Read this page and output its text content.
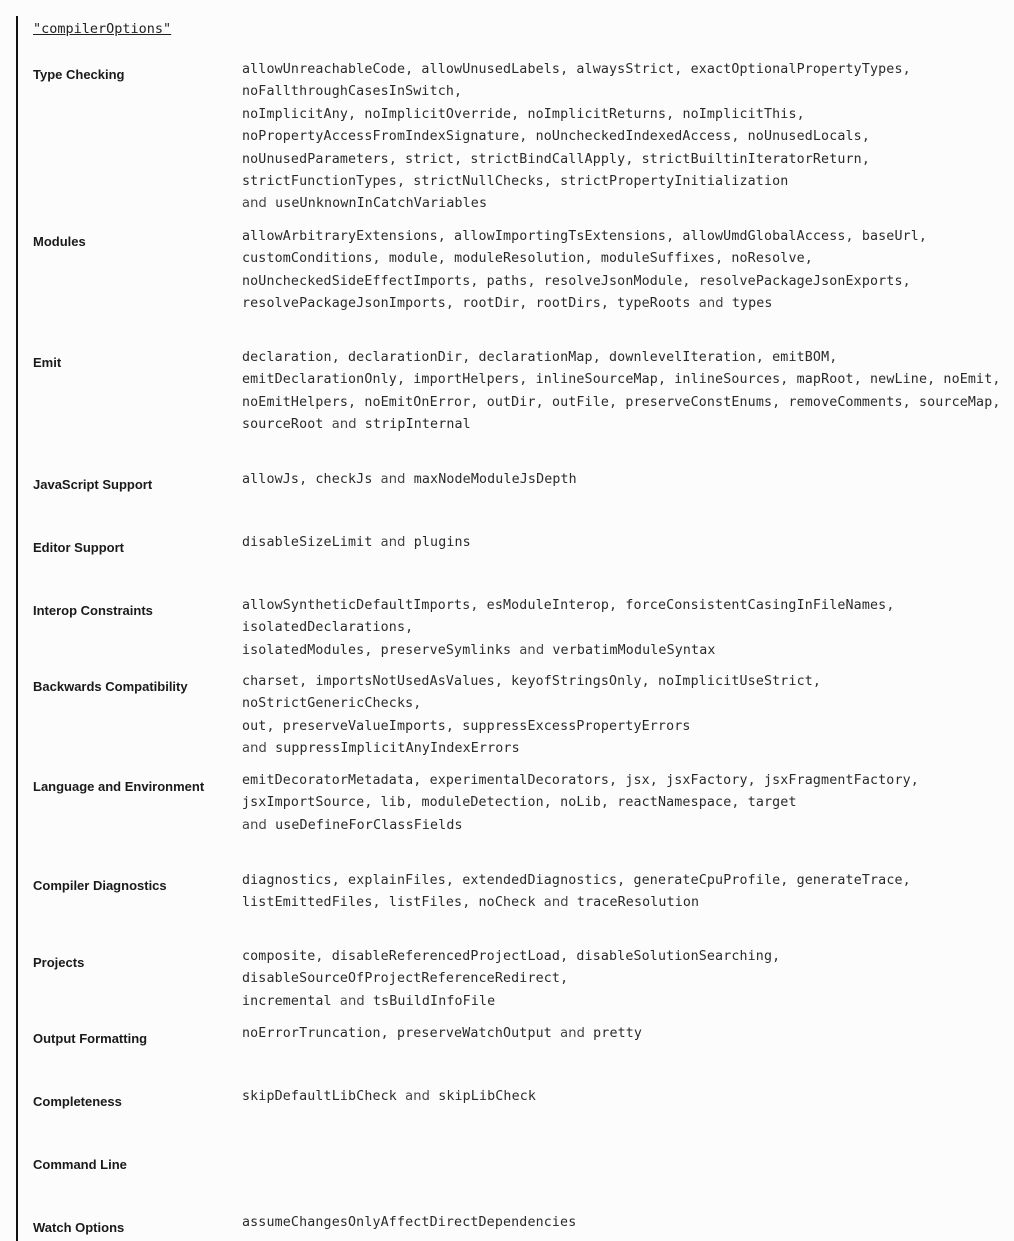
"compilerOptions"
Type Checking	allowUnreachableCode, allowUnusedLabels, alwaysStrict, exactOptionalPropertyTypes, noFallthroughCasesInSwitch,
noImplicitAny, noImplicitOverride, noImplicitReturns, noImplicitThis,
noPropertyAccessFromIndexSignature, noUncheckedIndexedAccess, noUnusedLocals,
noUnusedParameters, strict, strictBindCallApply, strictBuiltinIteratorReturn,
strictFunctionTypes, strictNullChecks, strictPropertyInitialization
and useUnknownInCatchVariables
Modules	allowArbitraryExtensions, allowImportingTsExtensions, allowUmdGlobalAccess, baseUrl,
customConditions, module, moduleResolution, moduleSuffixes, noResolve,
noUncheckedSideEffectImports, paths, resolveJsonModule, resolvePackageJsonExports,
resolvePackageJsonImports, rootDir, rootDirs, typeRoots and types
Emit	declaration, declarationDir, declarationMap, downlevelIteration, emitBOM,
emitDeclarationOnly, importHelpers, inlineSourceMap, inlineSources, mapRoot, newLine, noEmit,
noEmitHelpers, noEmitOnError, outDir, outFile, preserveConstEnums, removeComments, sourceMap,
sourceRoot and stripInternal
JavaScript Support	allowJs, checkJs and maxNodeModuleJsDepth
Editor Support	disableSizeLimit and plugins
Interop Constraints	allowSyntheticDefaultImports, esModuleInterop, forceConsistentCasingInFileNames, isolatedDeclarations,
isolatedModules, preserveSymlinks and verbatimModuleSyntax
Backwards Compatibility	charset, importsNotUsedAsValues, keyofStringsOnly, noImplicitUseStrict, noStrictGenericChecks,
out, preserveValueImports, suppressExcessPropertyErrors
and suppressImplicitAnyIndexErrors
Language and Environment	emitDecoratorMetadata, experimentalDecorators, jsx, jsxFactory, jsxFragmentFactory,
jsxImportSource, lib, moduleDetection, noLib, reactNamespace, target
and useDefineForClassFields
Compiler Diagnostics	diagnostics, explainFiles, extendedDiagnostics, generateCpuProfile, generateTrace,
listEmittedFiles, listFiles, noCheck and traceResolution
Projects	composite, disableReferencedProjectLoad, disableSolutionSearching, disableSourceOfProjectReferenceRedirect,
incremental and tsBuildInfoFile
Output Formatting	noErrorTruncation, preserveWatchOutput and pretty
Completeness	skipDefaultLibCheck and skipLibCheck
Command Line
Watch Options	assumeChangesOnlyAffectDirectDependencies
